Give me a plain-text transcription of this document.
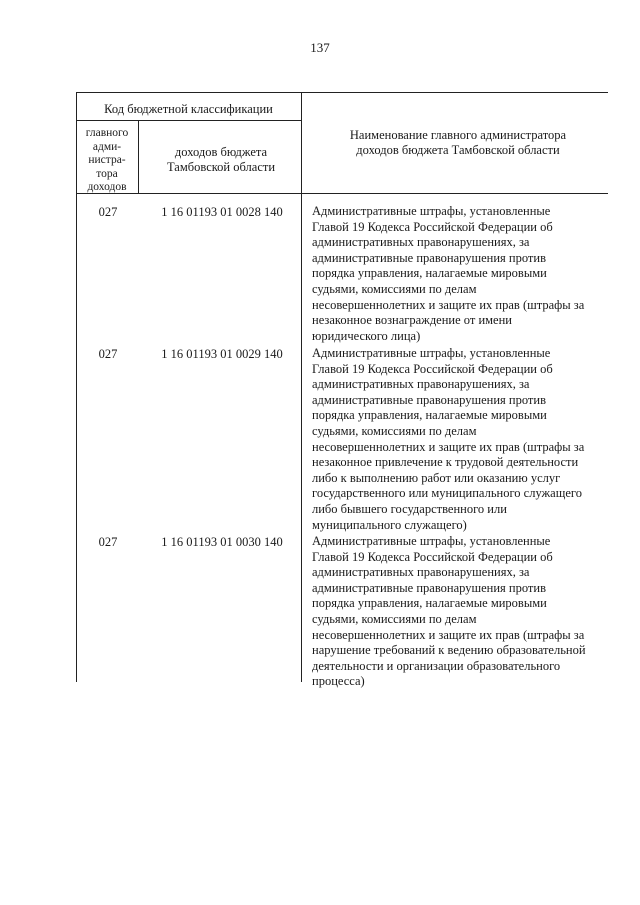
137
Код бюджетной классификации
главного
адми-
нистра-
тора
доходов
доходов бюджета
Тамбовской области
Наименование главного администратора
доходов бюджета Тамбовской области
027	1 16 01193 01 0028 140	Административные штрафы, установленные
Главой 19 Кодекса Российской Федерации об
административных правонарушениях, за
административные правонарушения против
порядка управления, налагаемые мировыми
судьями, комиссиями по делам
несовершеннолетних и защите их прав (штрафы за
незаконное вознаграждение от имени
юридического лица)
027	1 16 01193 01 0029 140	Административные штрафы, установленные
Главой 19 Кодекса Российской Федерации об
административных правонарушениях, за
административные правонарушения против
порядка управления, налагаемые мировыми
судьями, комиссиями по делам
несовершеннолетних и защите их прав (штрафы за
незаконное привлечение к трудовой деятельности
либо к выполнению работ или оказанию услуг
государственного или муниципального служащего
либо бывшего государственного или
муниципального служащего)
027	1 16 01193 01 0030 140	Административные штрафы, установленные
Главой 19 Кодекса Российской Федерации об
административных правонарушениях, за
административные правонарушения против
порядка управления, налагаемые мировыми
судьями, комиссиями по делам
несовершеннолетних и защите их прав (штрафы за
нарушение требований к ведению образовательной
деятельности и организации образовательного
процесса)
